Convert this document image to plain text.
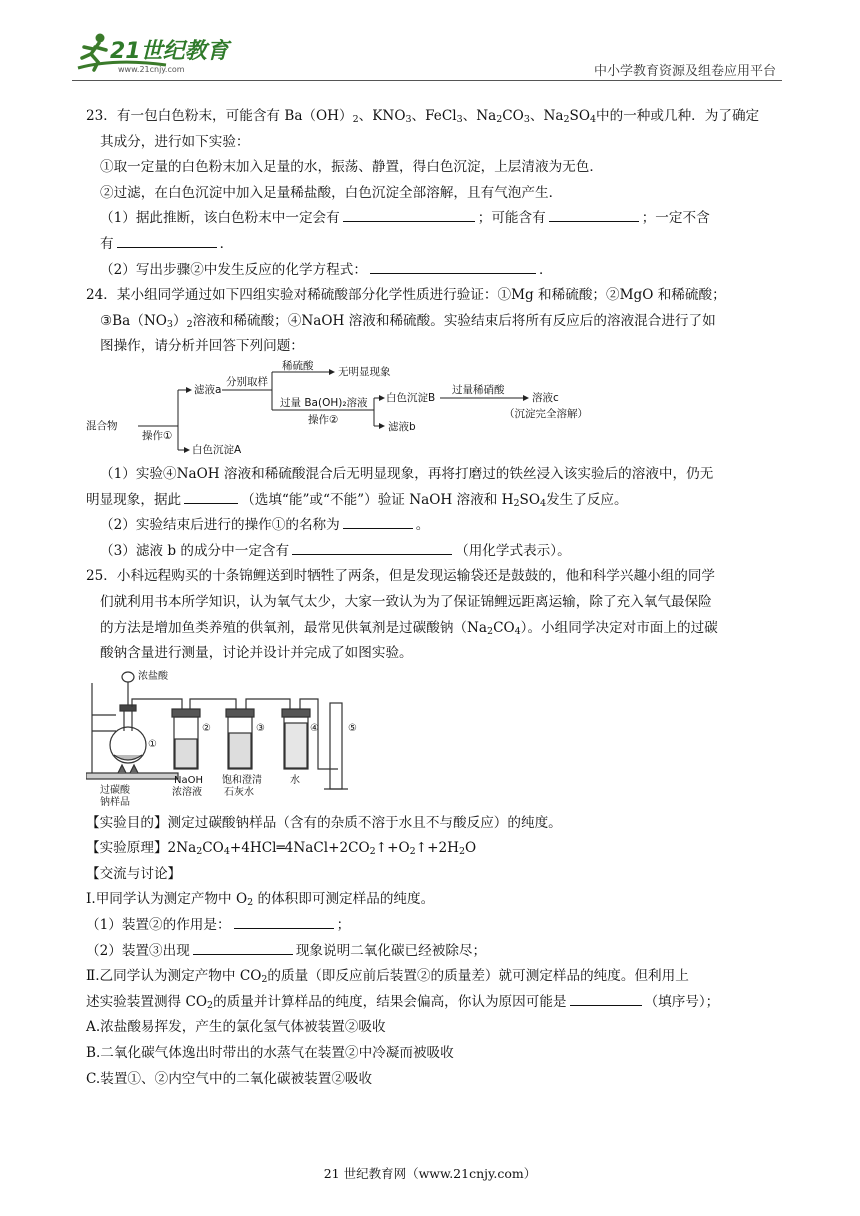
21世纪教育
www.21cnjy.com	中小学教育资源及组卷应用平台
23．有一包白色粉末，可能含有 $Ba(OH)_2$、$KNO_3$、FeCl$_3$、$Na_2CO_3$、$Na_2SO_4$中的一种或几种．为了确定
其成分，进行如下实验：
①取一定量的白色粉末加入足量的水，振荡、静置，得白色沉淀，上层清液为无色．
②过滤，在白色沉淀中加入足量稀盐酸，白色沉淀全部溶解，且有气泡产生．
（1）据此推断，该白色粉末中一定会有	；可能含有	；一定不含
有	．
（2）写出步骤②中发生反应的化学方程式：	．
24．某小组同学通过如下四组实验对稀硫酸部分化学性质进行验证：①Mg 和稀硫酸；②MgO 和稀硫酸；
$③Ba(NO_3)_2$溶液和稀硫酸；④NaOH 溶液和稀硫酸。实验结束后将所有反应后的溶液混合进行了如
图操作，请分析并回答下列问题：
混合物
操作①
滤液a
分别取样
稀硫酸 无明显现象
过量 Ba(OH)₂溶液
操作②
白色沉淀B
过量稀硝酸
溶液c
（沉淀完全溶解）
滤液b
白色沉淀A
（1）实验④NaOH 溶液和稀硫酸混合后无明显现象，再将打磨过的铁丝浸入该实验后的溶液中，仍无
明显现象，据此	（选填“能”或“不能”）验证 NaOH 溶液和 $H_2SO_4$发生了反应。
（2）实验结束后进行的操作①的名称为	。
（3）滤液 b 的成分中一定含有	（用化学式表示）。
25．小科远程购买的十条锦鲤送到时牺牲了两条，但是发现运输袋还是鼓鼓的，他和科学兴趣小组的同学
们就利用书本所学知识，认为氧气太少，大家一致认为为了保证锦鲤远距离运输，除了充入氧气最保险
的方法是增加鱼类养殖的供氧剂，最常见供氧剂是过碳酸钠$(Na_2CO_4)$。小组同学决定对市面上的过碳
酸钠含量进行测量，讨论并设计并完成了如图实验。
浓盐酸
①
②	③	④	⑤
过碳酸
钠样品
NaOH
浓溶液
饱和澄清
石灰水
水
【实验目的】测定过碳酸钠样品（含有的杂质不溶于水且不与酸反应）的纯度。
【实验原理】$2Na_2CO_4+4HCl═4NaCl+2CO_2↑+O_2↑+2H_2O$
【交流与讨论】
Ⅰ.甲同学认为测定产物中 $O_2$ 的体积即可测定样品的纯度。
（1）装置②的作用是：	；
（2）装置③出现	现象说明二氧化碳已经被除尽；
Ⅱ.乙同学认为测定产物中 $CO_2$的质量（即反应前后装置②的质量差）就可测定样品的纯度。但利用上
述实验装置测得 $CO_2$的质量并计算样品的纯度，结果会偏高，你认为原因可能是	（填序号）；
A.浓盐酸易挥发，产生的氯化氢气体被装置②吸收
B.二氧化碳气体逸出时带出的水蒸气在装置②中冷凝而被吸收
C.装置①、②内空气中的二氧化碳被装置②吸收
21 世纪教育网（www.21cnjy.com）
